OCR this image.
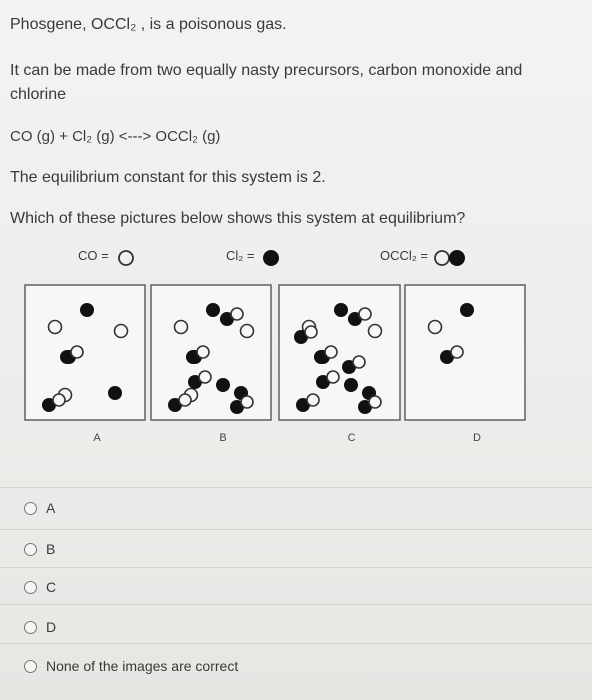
Phosgene, OCCl₂ , is a poisonous gas.
It can be made from two equally nasty precursors, carbon monoxide and
chlorine
CO (g) + Cl₂ (g) <---> OCCl₂ (g)
The equilibrium constant for this system is 2.
Which of these pictures below shows this system at equilibrium?
CO =	Cl₂ =	OCCl₂ =
A	B	C	D
A
B
C
D
None of the images are correct
